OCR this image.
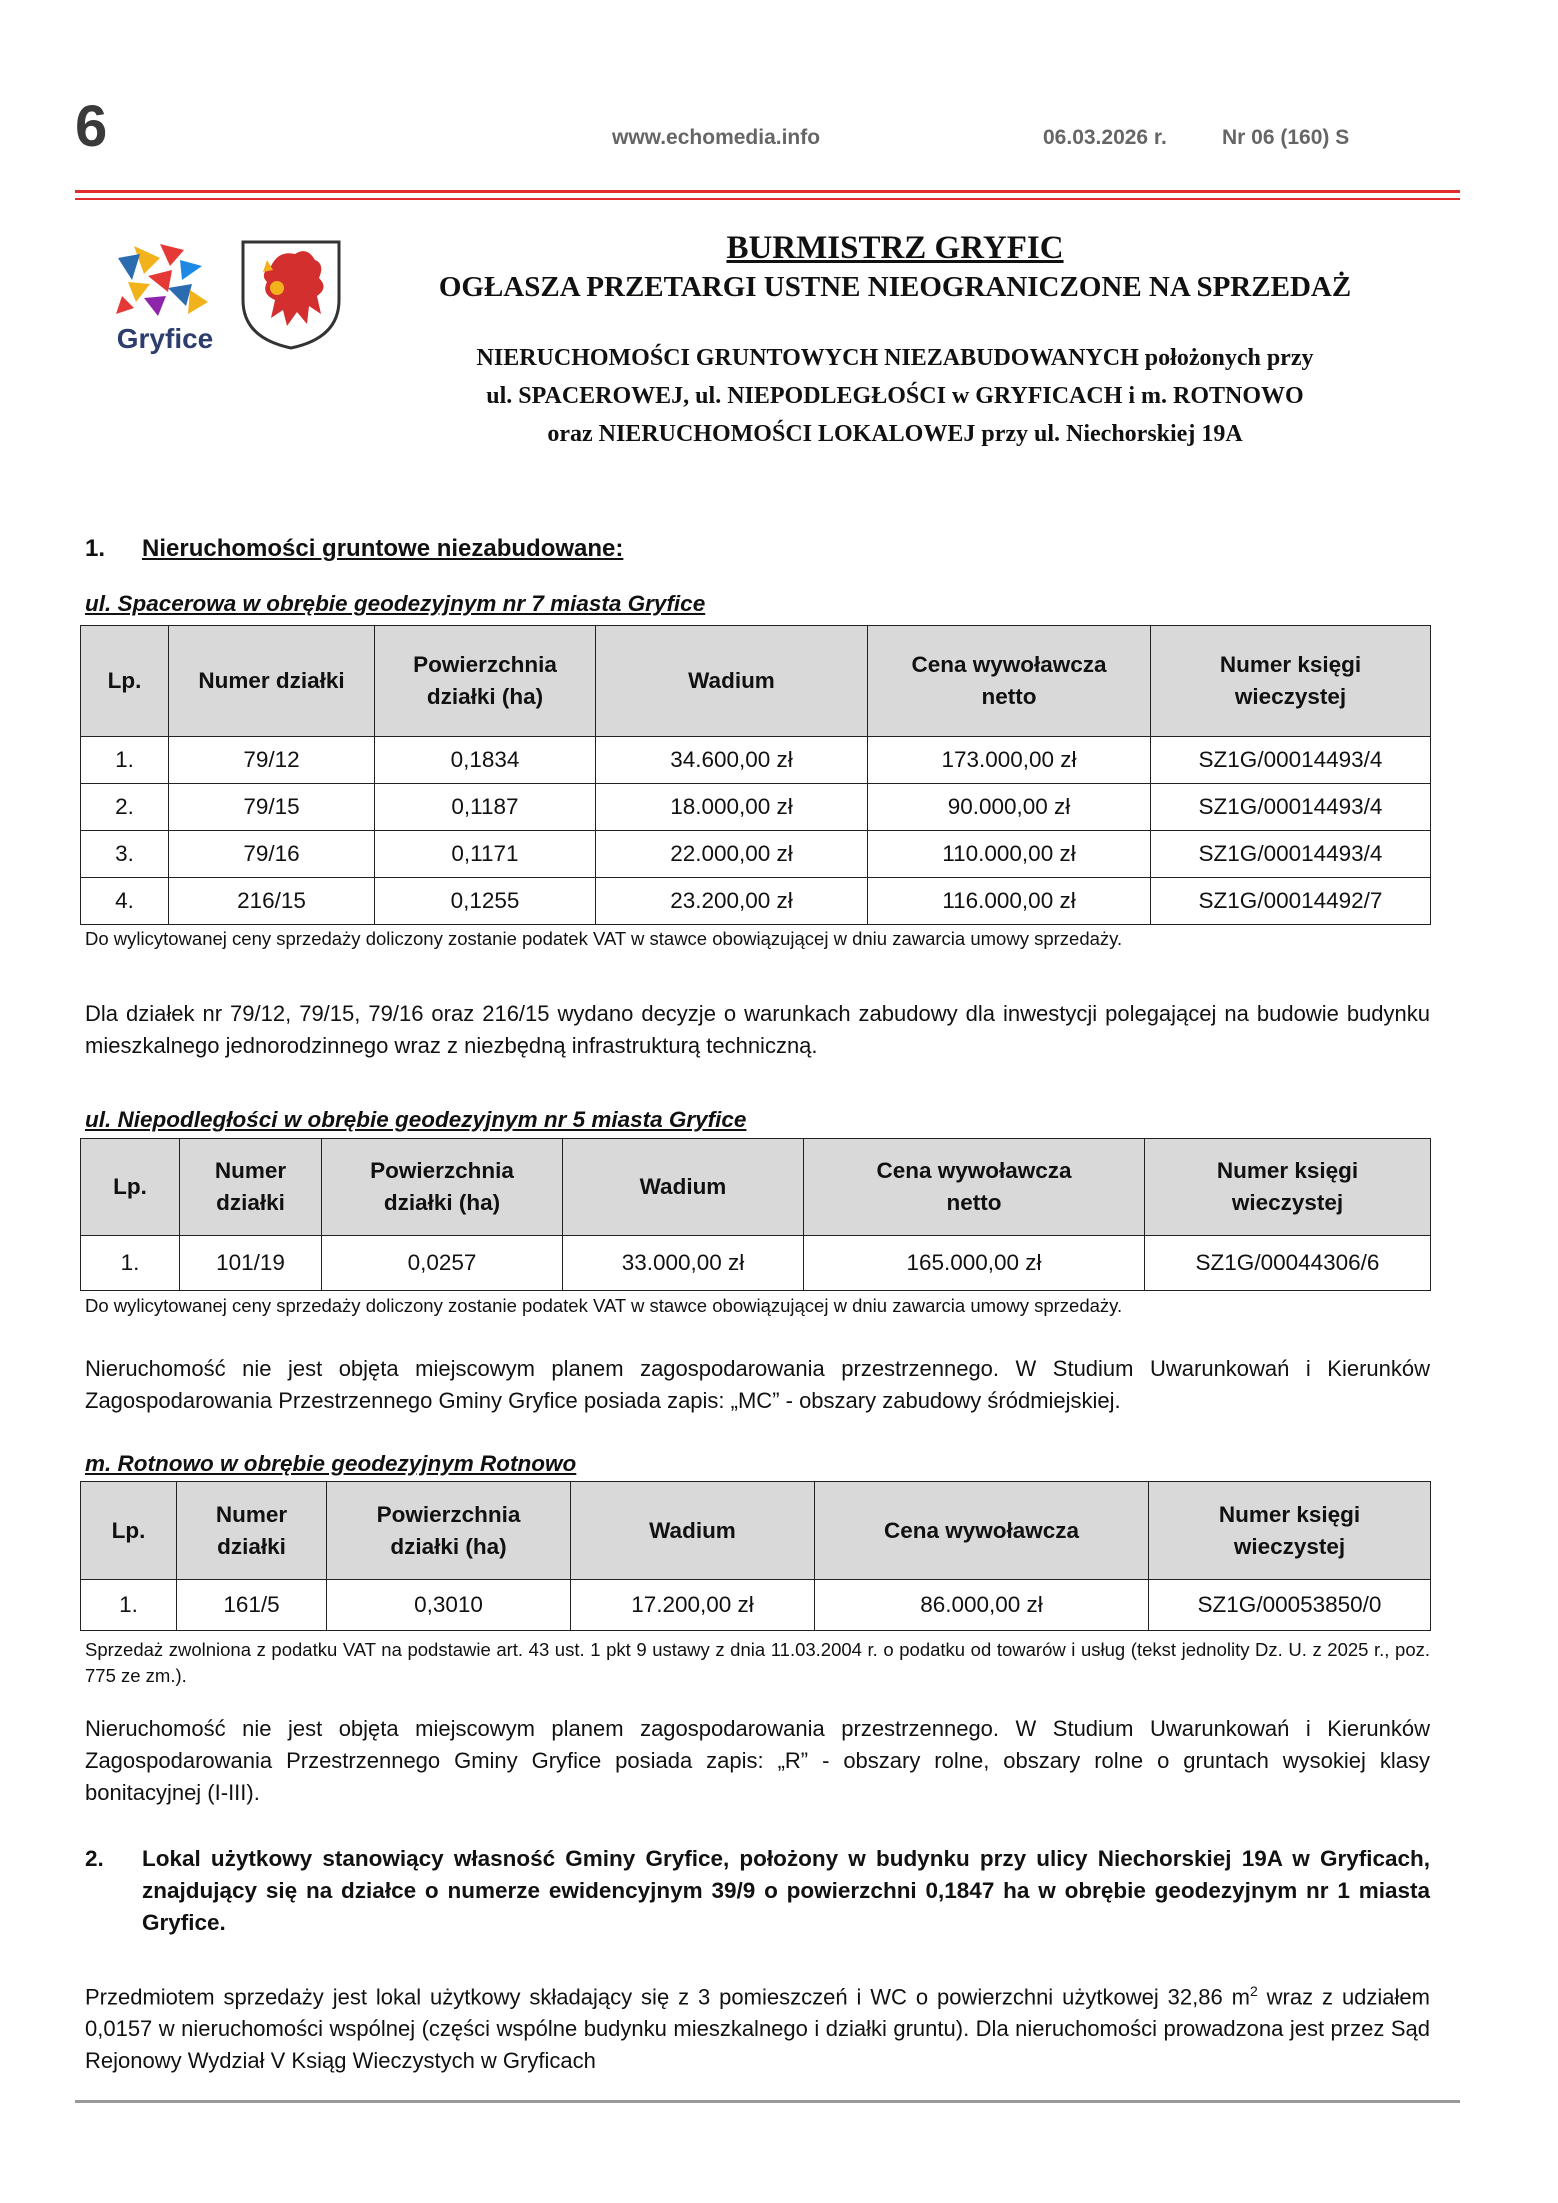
6	www.echomedia.info	06.03.2026 r.	Nr 06 (160) S
Gryfice
BURMISTRZ GRYFIC
OGŁASZA PRZETARGI USTNE NIEOGRANICZONE NA SPRZEDAŻ
NIERUCHOMOŚCI GRUNTOWYCH NIEZABUDOWANYCH położonych przy
ul. SPACEROWEJ, ul. NIEPODLEGŁOŚCI w GRYFICACH i m. ROTNOWO
oraz NIERUCHOMOŚCI LOKALOWEJ przy ul. Niechorskiej 19A
1. Nieruchomości gruntowe niezabudowane:
ul. Spacerowa w obrębie geodezyjnym nr 7 miasta Gryfice
Lp.	Numer działki	Powierzchnia działki (ha)	Wadium	Cena wywoławcza netto	Numer księgi wieczystej
1.	79/12	0,1834	34.600,00 zł	173.000,00 zł	SZ1G/00014493/4
2.	79/15	0,1187	18.000,00 zł	90.000,00 zł	SZ1G/00014493/4
3.	79/16	0,1171	22.000,00 zł	110.000,00 zł	SZ1G/00014493/4
4.	216/15	0,1255	23.200,00 zł	116.000,00 zł	SZ1G/00014492/7
Do wylicytowanej ceny sprzedaży doliczony zostanie podatek VAT w stawce obowiązującej w dniu zawarcia umowy sprzedaży.
Dla działek nr 79/12, 79/15, 79/16 oraz 216/15 wydano decyzje o warunkach zabudowy dla inwestycji polegającej na budowie budynku mieszkalnego jednorodzinnego wraz z niezbędną infrastrukturą techniczną.
ul. Niepodległości w obrębie geodezyjnym nr 5 miasta Gryfice
Lp.	Numer działki	Powierzchnia działki (ha)	Wadium	Cena wywoławcza netto	Numer księgi wieczystej
1.	101/19	0,0257	33.000,00 zł	165.000,00 zł	SZ1G/00044306/6
Do wylicytowanej ceny sprzedaży doliczony zostanie podatek VAT w stawce obowiązującej w dniu zawarcia umowy sprzedaży.
Nieruchomość nie jest objęta miejscowym planem zagospodarowania przestrzennego. W Studium Uwarunkowań i Kierunków Zagospodarowania Przestrzennego Gminy Gryfice posiada zapis: „MC” - obszary zabudowy śródmiejskiej.
m. Rotnowo w obrębie geodezyjnym Rotnowo
Lp.	Numer działki	Powierzchnia działki (ha)	Wadium	Cena wywoławcza	Numer księgi wieczystej
1.	161/5	0,3010	17.200,00 zł	86.000,00 zł	SZ1G/00053850/0
Sprzedaż zwolniona z podatku VAT na podstawie art. 43 ust. 1 pkt 9 ustawy z dnia 11.03.2004 r. o podatku od towarów i usług (tekst jednolity Dz. U. z 2025 r., poz. 775 ze zm.).
Nieruchomość nie jest objęta miejscowym planem zagospodarowania przestrzennego. W Studium Uwarunkowań i Kierunków Zagospodarowania Przestrzennego Gminy Gryfice posiada zapis: „R” - obszary rolne, obszary rolne o gruntach wysokiej klasy bonitacyjnej (I-III).
2. Lokal użytkowy stanowiący własność Gminy Gryfice, położony w budynku przy ulicy Niechorskiej 19A w Gryficach, znajdujący się na działce o numerze ewidencyjnym 39/9 o powierzchni 0,1847 ha w obrębie geodezyjnym nr 1 miasta Gryfice.
Przedmiotem sprzedaży jest lokal użytkowy składający się z 3 pomieszczeń i WC o powierzchni użytkowej 32,86 $m^2$ wraz z udziałem 0,0157 w nieruchomości wspólnej (części wspólne budynku mieszkalnego i działki gruntu). Dla nieruchomości prowadzona jest przez Sąd Rejonowy Wydział V Ksiąg Wieczystych w Gryficach
